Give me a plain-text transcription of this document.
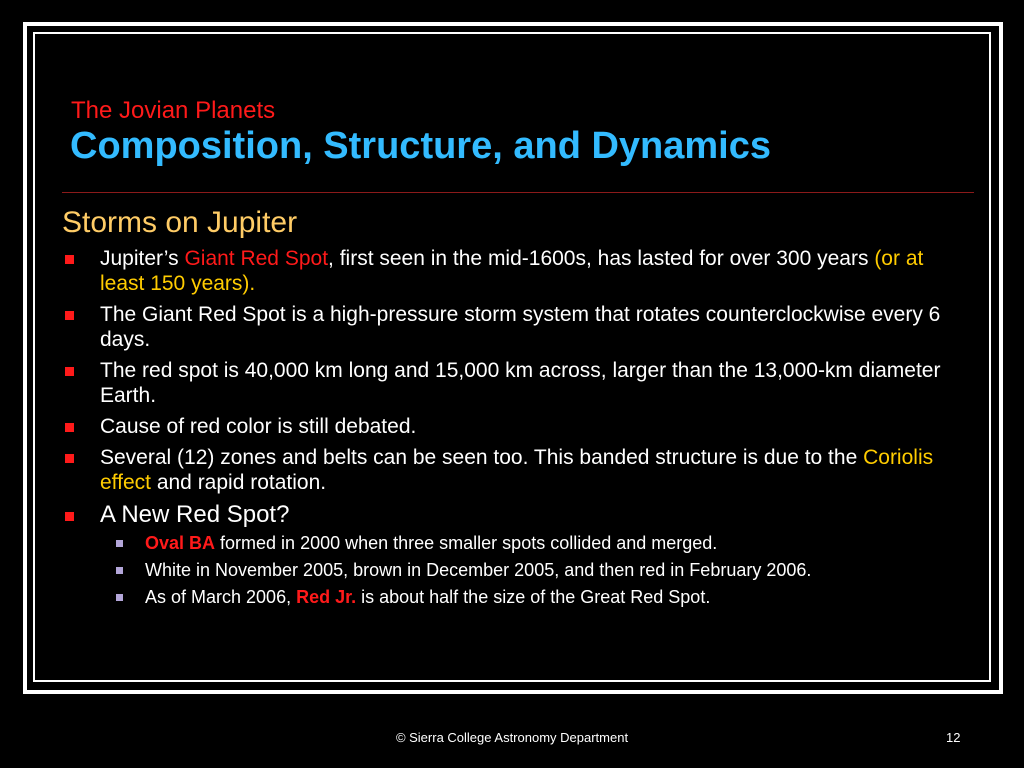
The Jovian Planets
Composition, Structure, and Dynamics
Storms on Jupiter
Jupiter’s Giant Red Spot, first seen in the mid-1600s, has lasted for over 300 years (or at least 150 years).
The Giant Red Spot is a high-pressure storm system that rotates counterclockwise every 6 days.
The red spot is 40,000 km long and 15,000 km across, larger than the 13,000-km diameter Earth.
Cause of red color is still debated.
Several (12) zones and belts can be seen too. This banded structure is due to the Coriolis effect and rapid rotation.
A New Red Spot?
Oval BA formed in 2000 when three smaller spots collided and merged.
White in November 2005, brown in December 2005, and then red in February 2006.
As of March 2006, Red Jr. is about half the size of the Great Red Spot.
© Sierra College Astronomy Department	12
